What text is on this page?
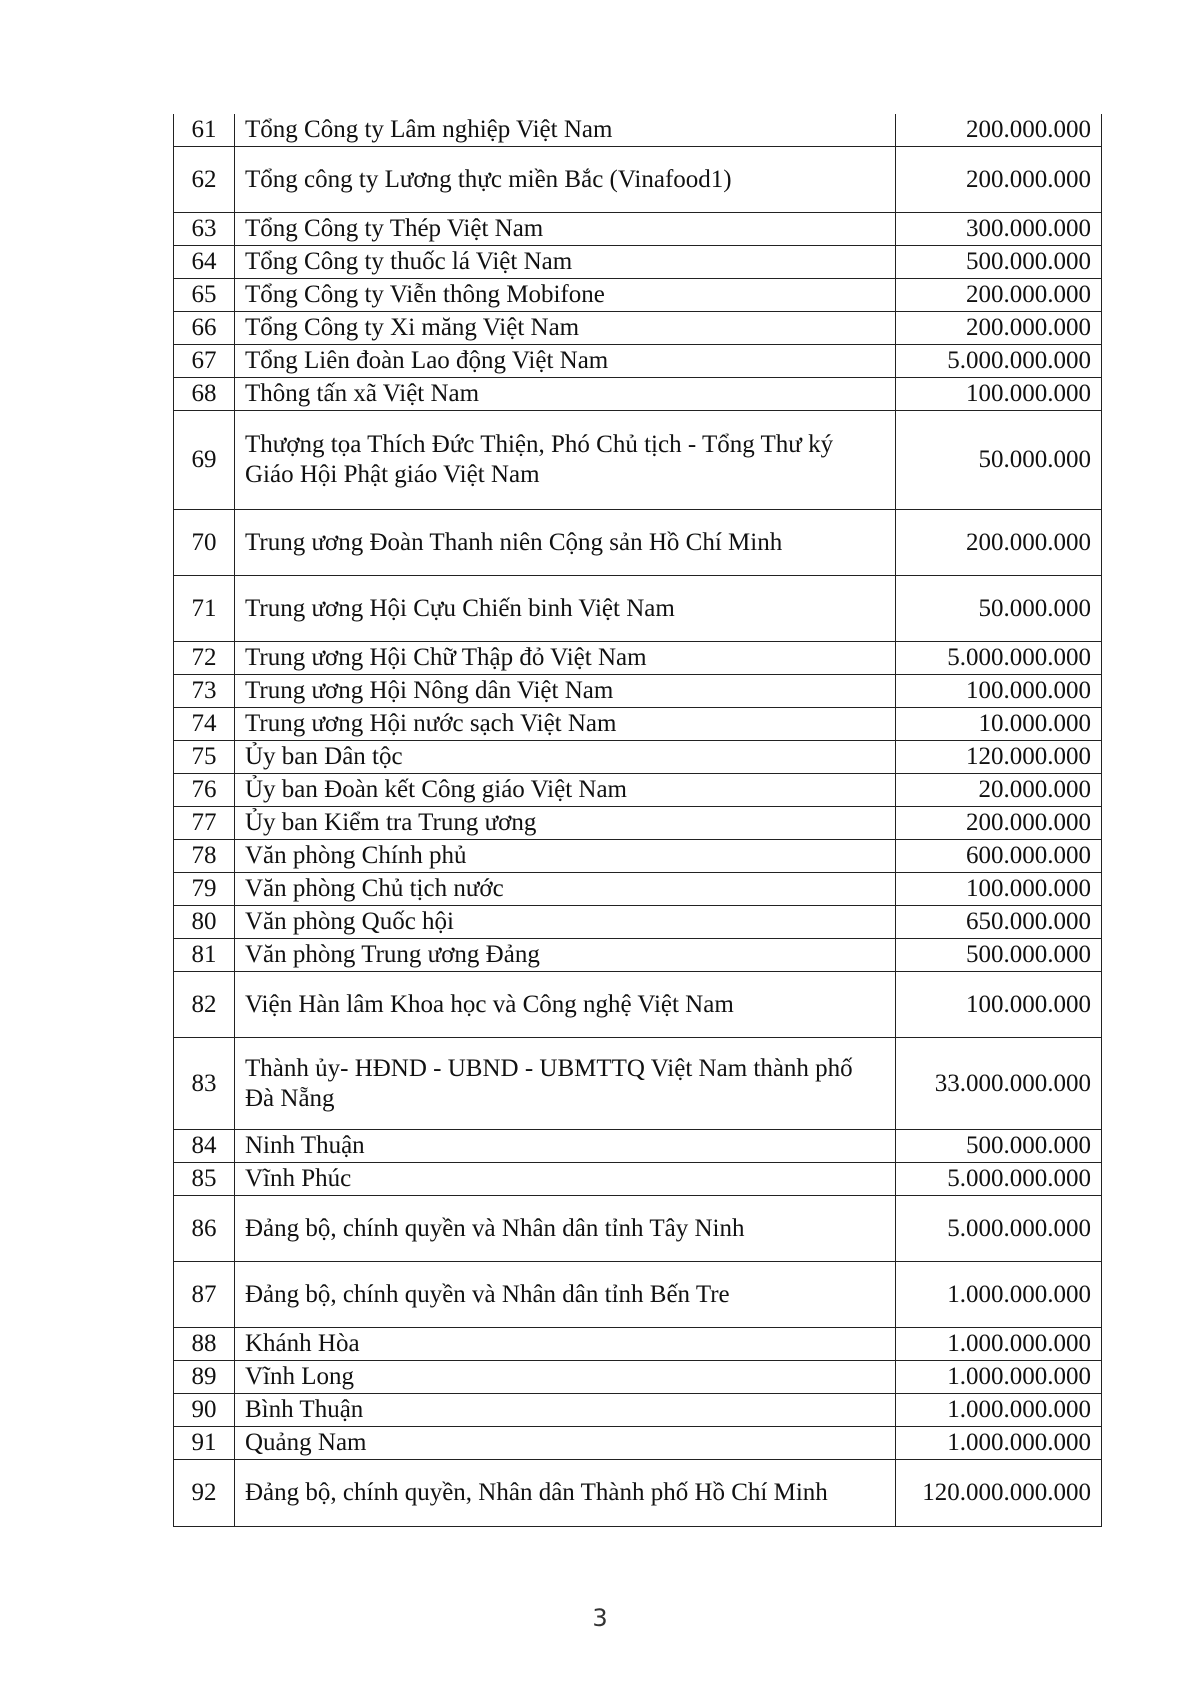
61	Tổng Công ty Lâm nghiệp Việt Nam	200.000.000
62	Tổng công ty Lương thực miền Bắc (Vinafood1)	200.000.000
63	Tổng Công ty Thép Việt Nam	300.000.000
64	Tổng Công ty thuốc lá Việt Nam	500.000.000
65	Tổng Công ty Viễn thông Mobifone	200.000.000
66	Tổng Công ty Xi măng Việt Nam	200.000.000
67	Tổng Liên đoàn Lao động Việt Nam	5.000.000.000
68	Thông tấn xã Việt Nam	100.000.000
69	Thượng tọa Thích Đức Thiện, Phó Chủ tịch - Tổng Thư ký Giáo Hội Phật giáo Việt Nam	50.000.000
70	Trung ương Đoàn Thanh niên Cộng sản Hồ Chí Minh	200.000.000
71	Trung ương Hội Cựu Chiến binh Việt Nam	50.000.000
72	Trung ương Hội Chữ Thập đỏ Việt Nam	5.000.000.000
73	Trung ương Hội Nông dân Việt Nam	100.000.000
74	Trung ương Hội nước sạch Việt Nam	10.000.000
75	Ủy ban Dân tộc	120.000.000
76	Ủy ban Đoàn kết Công giáo Việt Nam	20.000.000
77	Ủy ban Kiểm tra Trung ương	200.000.000
78	Văn phòng Chính phủ	600.000.000
79	Văn phòng Chủ tịch nước	100.000.000
80	Văn phòng Quốc hội	650.000.000
81	Văn phòng Trung ương Đảng	500.000.000
82	Viện Hàn lâm Khoa học và Công nghệ Việt Nam	100.000.000
83	Thành ủy- HĐND - UBND - UBMTTQ Việt Nam thành phố Đà Nẵng	33.000.000.000
84	Ninh Thuận	500.000.000
85	Vĩnh Phúc	5.000.000.000
86	Đảng bộ, chính quyền và Nhân dân tỉnh Tây Ninh	5.000.000.000
87	Đảng bộ, chính quyền và Nhân dân tỉnh Bến Tre	1.000.000.000
88	Khánh Hòa	1.000.000.000
89	Vĩnh Long	1.000.000.000
90	Bình Thuận	1.000.000.000
91	Quảng Nam	1.000.000.000
92	Đảng bộ, chính quyền, Nhân dân Thành phố Hồ Chí Minh	120.000.000.000
3
